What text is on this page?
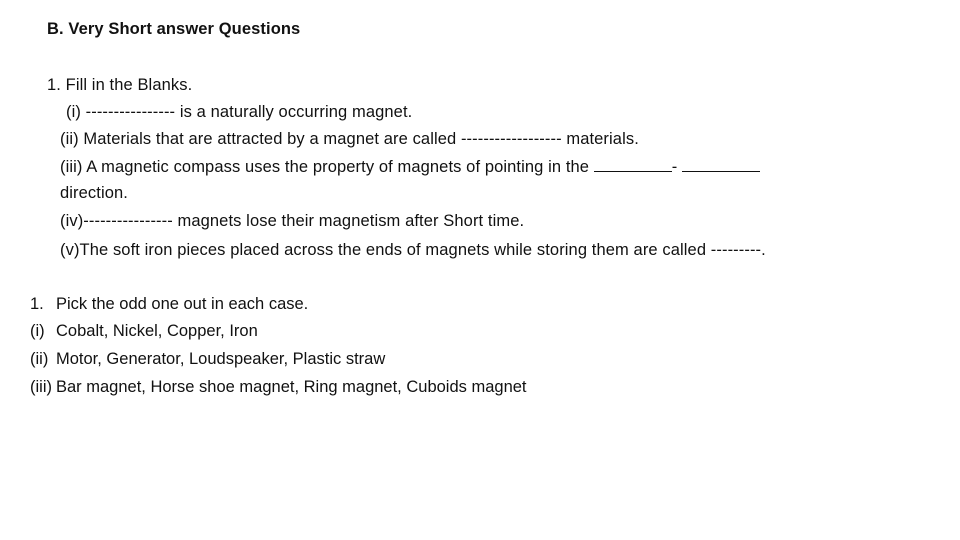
B. Very Short answer Questions
1. Fill in the Blanks.
(i) ---------------- is a naturally occurring magnet.
(ii) Materials that are attracted by a magnet are called ------------------ materials.
(iii) A magnetic compass uses the property of magnets of pointing in the	-
direction.
(iv)---------------- magnets lose their magnetism after Short time.
(v)The soft iron pieces placed across the ends of magnets while storing them are called ---------.
1. Pick the odd one out in each case.
(i) Cobalt, Nickel, Copper, Iron
(ii) Motor, Generator, Loudspeaker, Plastic straw
(iii) Bar magnet, Horse shoe magnet, Ring magnet, Cuboids magnet
